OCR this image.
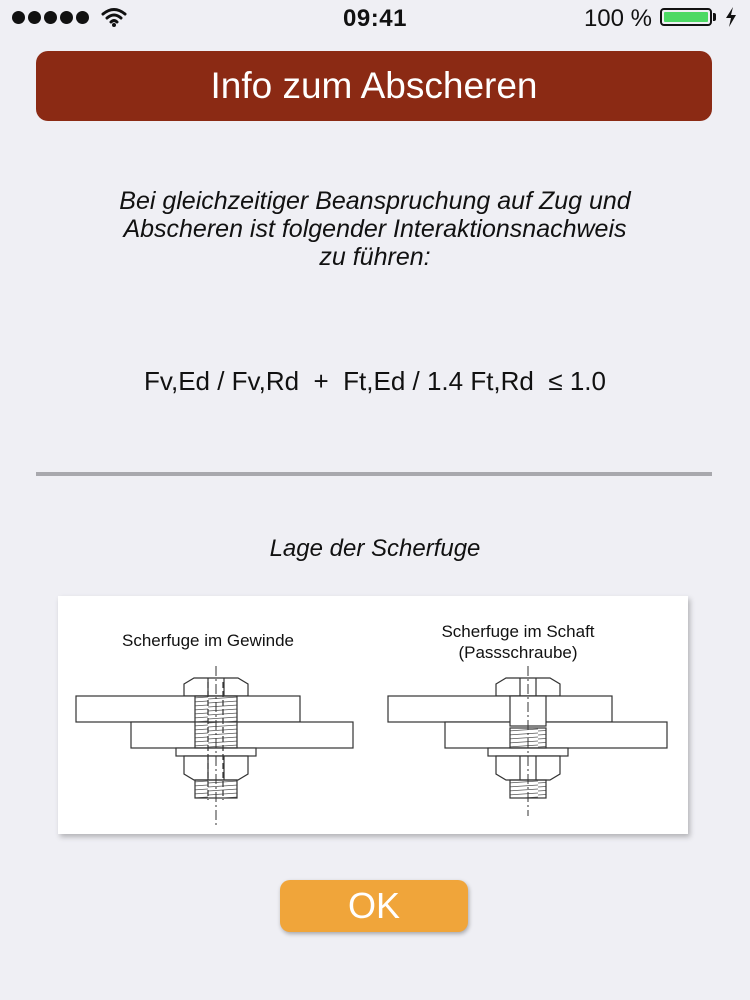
09:41	100 %
Info zum Abscheren
Bei gleichzeitiger Beanspruchung auf Zug und
Abscheren ist folgender Interaktionsnachweis
zu führen:
Fv,Ed / Fv,Rd  +  Ft,Ed / 1.4 Ft,Rd  ≤ 1.0
Lage der Scherfuge
Scherfuge im Gewinde	Scherfuge im Schaft
(Passschraube)
OK
